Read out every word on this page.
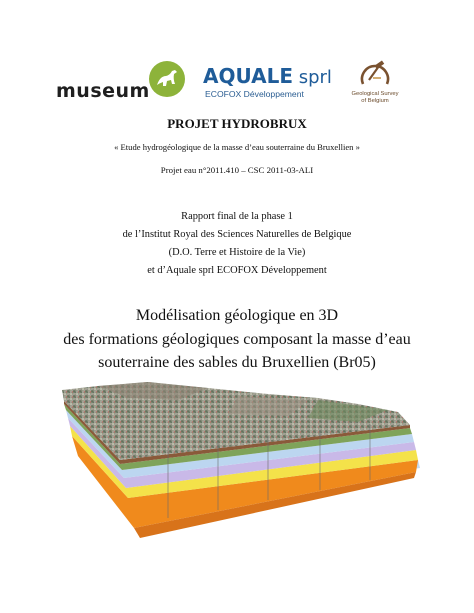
museum
AQUALE sprl
ECOFOX Développement	Geological Survey
of Belgium
PROJET HYDROBRUX
« Etude hydrogéologique de la masse d’eau souterraine du Bruxellien »
Projet eau n°2011.410 – CSC 2011-03-ALI
Rapport final de la phase 1
de l’Institut Royal des Sciences Naturelles de Belgique
(D.O. Terre et Histoire de la Vie)
et d’Aquale sprl ECOFOX Développement
Modélisation géologique en 3D
des formations géologiques composant la masse d’eau
souterraine des sables du Bruxellien (Br05)
